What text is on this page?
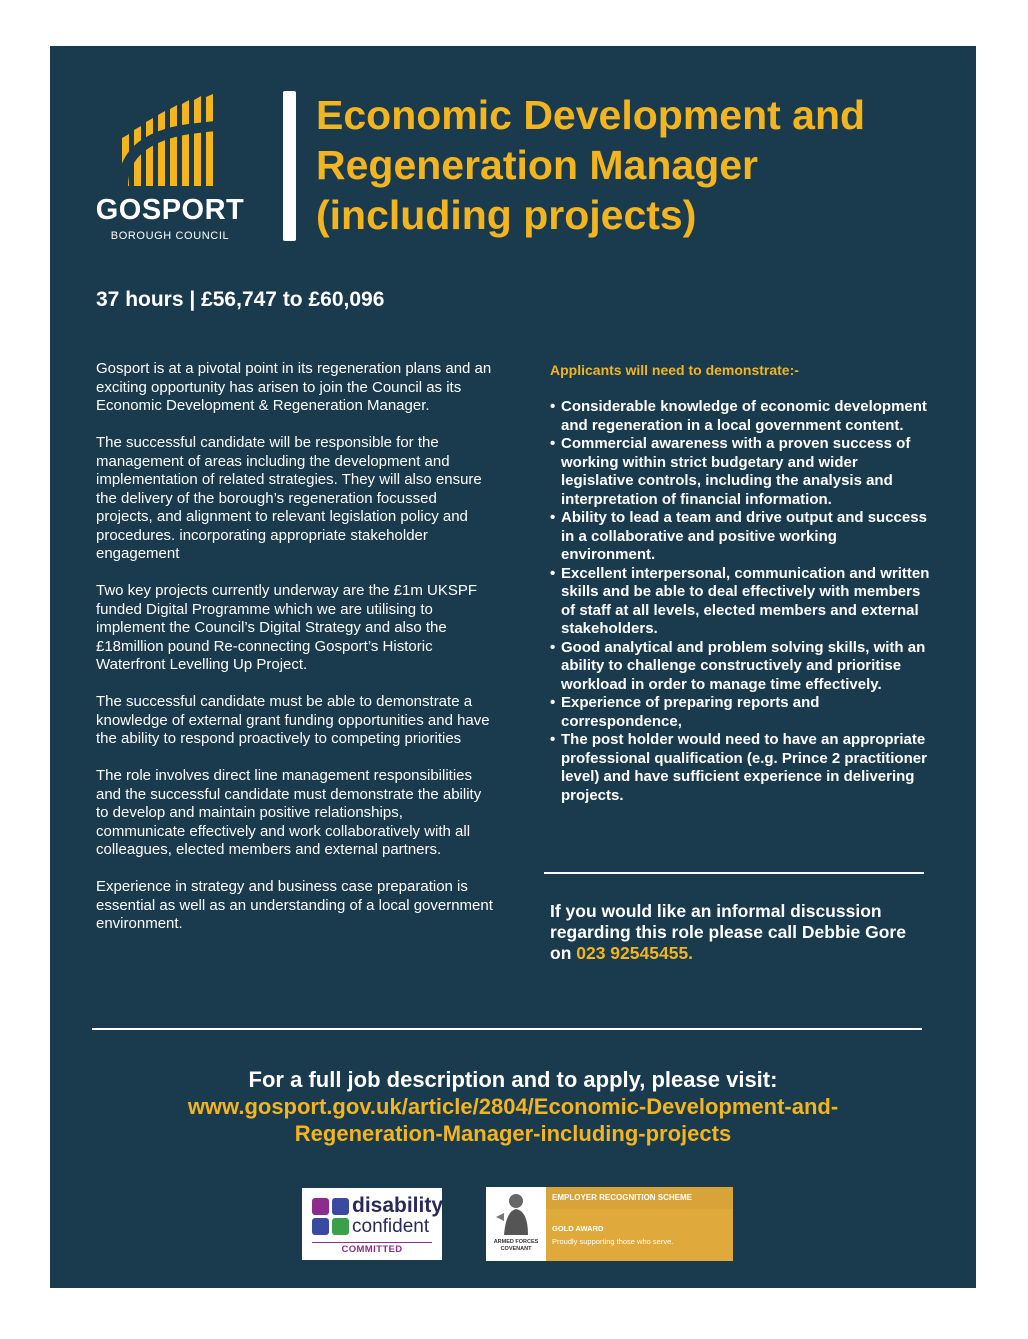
GOSPORT
BOROUGH COUNCIL
Economic Development and
Regeneration Manager
(including projects)
37 hours | £56,747 to £60,096

Gosport is at a pivotal point in its regeneration plans and an exciting opportunity has arisen to join the Council as its Economic Development & Regeneration Manager.

The successful candidate will be responsible for the management of areas including the development and implementation of related strategies. They will also ensure the delivery of the borough’s regeneration focussed projects, and alignment to relevant legislation policy and procedures. incorporating appropriate stakeholder engagement

Two key projects currently underway are the £1m UKSPF funded Digital Programme which we are utilising to implement the Council’s Digital Strategy and also the £18million pound Re-connecting Gosport’s Historic Waterfront Levelling Up Project.

The successful candidate must be able to demonstrate a knowledge of external grant funding opportunities and have the ability to respond proactively to competing priorities

The role involves direct line management responsibilities and the successful candidate must demonstrate the ability to develop and maintain positive relationships, communicate effectively and work collaboratively with all colleagues, elected members and external partners.

Experience in strategy and business case preparation is essential as well as an understanding of a local government environment.

Applicants will need to demonstrate:-
• Considerable knowledge of economic development and regeneration in a local government content.
• Commercial awareness with a proven success of working within strict budgetary and wider legislative controls, including the analysis and interpretation of financial information.
• Ability to lead a team and drive output and success in a collaborative and positive working environment.
• Excellent interpersonal, communication and written skills and be able to deal effectively with members of staff at all levels, elected members and external stakeholders.
• Good analytical and problem solving skills, with an ability to challenge constructively and prioritise workload in order to manage time effectively.
• Experience of preparing reports and correspondence,
• The post holder would need to have an appropriate professional qualification (e.g. Prince 2 practitioner level) and have sufficient experience in delivering projects.
If you would like an informal discussion regarding this role please call Debbie Gore on 023 92545455.
For a full job description and to apply, please visit:
www.gosport.gov.uk/article/2804/Economic-Development-and-
Regeneration-Manager-including-projects
disability
confident
COMMITTED
ARMED FORCES COVENANT
EMPLOYER RECOGNITION SCHEME
GOLD AWARD
Proudly supporting those who serve.
